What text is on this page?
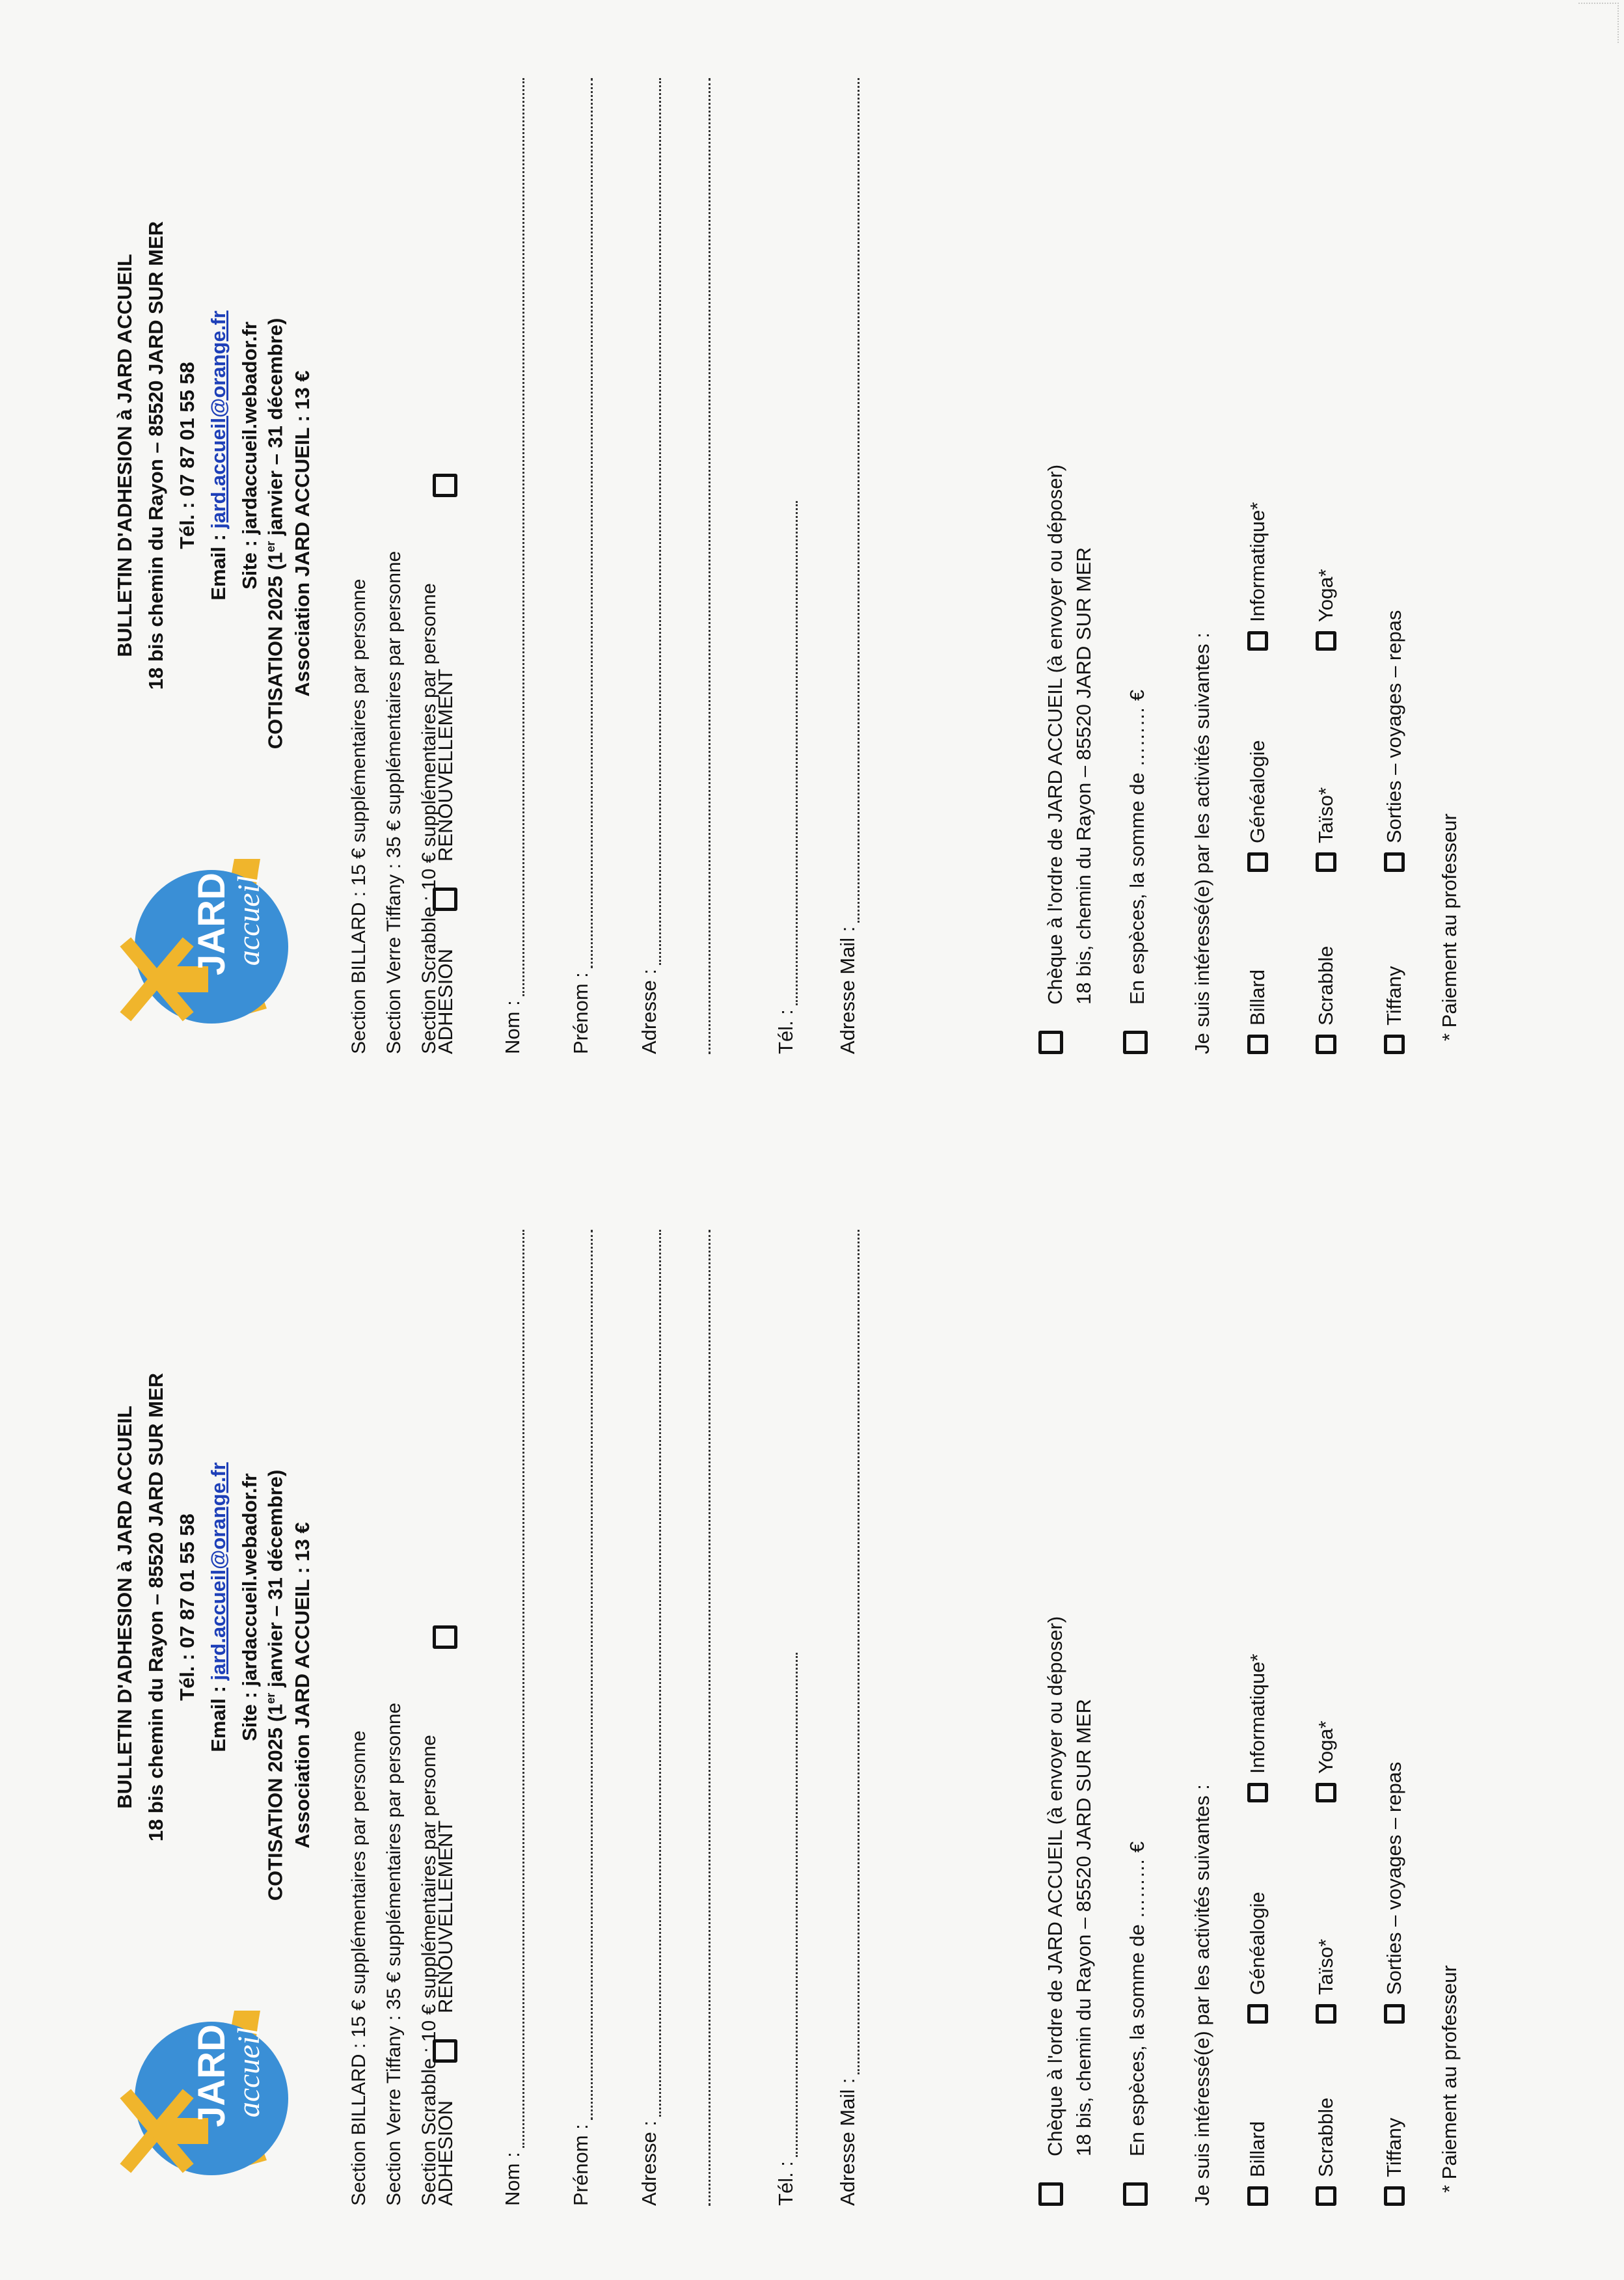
JARD
accueil
BULLETIN D'ADHESION à JARD ACCUEIL 18 bis chemin du Rayon – 85520 JARD SUR MER Tél. : 07 87 01 55 58
Email : jard.accueil@orange.fr Site : jardaccueil.webador.fr
COTISATION 2025 (1er janvier – 31 décembre) Association JARD ACCUEIL : 13 €
Section BILLARD : 15 € supplémentaires par personne Section Verre Tiffany : 35 € supplémentaires par personne Section Scrabble : 10 € supplémentaires par personne
ADHESION
RENOUVELLEMENT
Nom : Prénom : Adresse :	Tél. : Adresse Mail :
JARD
accueil
BULLETIN D'ADHESION à JARD ACCUEIL 18 bis chemin du Rayon – 85520 JARD SUR MER Tél. : 07 87 01 55 58
Email : jard.accueil@orange.fr Site : jardaccueil.webador.fr
COTISATION 2025 (1er janvier – 31 décembre) Association JARD ACCUEIL : 13 €
Section BILLARD : 15 € supplémentaires par personne Section Verre Tiffany : 35 € supplémentaires par personne Section Scrabble : 10 € supplémentaires par personne
ADHESION
RENOUVELLEMENT
Nom : Prénom : Adresse :	Tél. : Adresse Mail :
Chèque à l'ordre de JARD ACCUEIL (à envoyer ou déposer) 18 bis, chemin du Rayon – 85520 JARD SUR MER En espèces, la somme de ……… € Je suis intéressé(e) par les activités suivantes : Billard
Généalogie
Informatique*
Scrabble
Taïso*
Yoga*
Tiffany
Sorties – voyages – repas
* Paiement au professeur
Chèque à l'ordre de JARD ACCUEIL (à envoyer ou déposer) 18 bis, chemin du Rayon – 85520 JARD SUR MER En espèces, la somme de ……… € Je suis intéressé(e) par les activités suivantes : Billard
Généalogie
Informatique*
Scrabble
Taïso*
Yoga*
Tiffany
Sorties – voyages – repas
* Paiement au professeur
